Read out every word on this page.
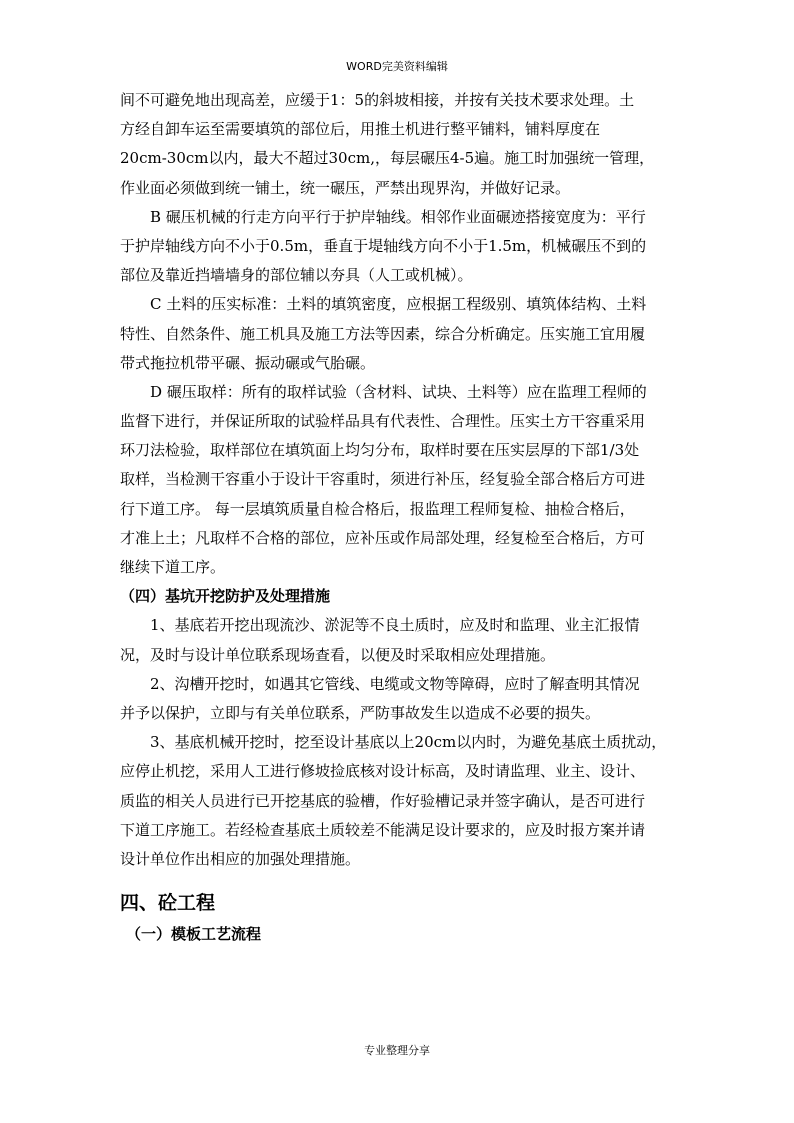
WORD完美资料编辑
间不可避免地出现高差，应缓于1：5的斜坡相接，并按有关技术要求处理。土
方经自卸车运至需要填筑的部位后，用推土机进行整平铺料，铺料厚度在
20cm-30cm以内，最大不超过30cm,，每层碾压4-5遍。施工时加强统一管理，
作业面必须做到统一铺土，统一碾压，严禁出现界沟，并做好记录。
B 碾压机械的行走方向平行于护岸轴线。相邻作业面碾迹搭接宽度为：平行
于护岸轴线方向不小于0.5m，垂直于堤轴线方向不小于1.5m，机械碾压不到的
部位及靠近挡墙墙身的部位辅以夯具（人工或机械）。
C 土料的压实标准：土料的填筑密度，应根据工程级别、填筑体结构、土料
特性、自然条件、施工机具及施工方法等因素，综合分析确定。压实施工宜用履
带式拖拉机带平碾、振动碾或气胎碾。
D 碾压取样：所有的取样试验（含材料、试块、土料等）应在监理工程师的
监督下进行，并保证所取的试验样品具有代表性、合理性。压实土方干容重采用
环刀法检验，取样部位在填筑面上均匀分布，取样时要在压实层厚的下部1/3处
取样，当检测干容重小于设计干容重时，须进行补压，经复验全部合格后方可进
行下道工序。 每一层填筑质量自检合格后，报监理工程师复检、抽检合格后，
才准上土；凡取样不合格的部位，应补压或作局部处理，经复检至合格后，方可
继续下道工序。
（四）基坑开挖防护及处理措施
1、基底若开挖出现流沙、淤泥等不良土质时，应及时和监理、业主汇报情
况，及时与设计单位联系现场查看，以便及时采取相应处理措施。
2、沟槽开挖时，如遇其它管线、电缆或文物等障碍，应时了解查明其情况
并予以保护，立即与有关单位联系，严防事故发生以造成不必要的损失。
3、基底机械开挖时，挖至设计基底以上20cm以内时，为避免基底土质扰动，
应停止机挖，采用人工进行修坡捡底核对设计标高，及时请监理、业主、设计、
质监的相关人员进行已开挖基底的验槽，作好验槽记录并签字确认，是否可进行
下道工序施工。若经检查基底土质较差不能满足设计要求的，应及时报方案并请
设计单位作出相应的加强处理措施。
四、砼工程
（一）模板工艺流程
专业整理分享
